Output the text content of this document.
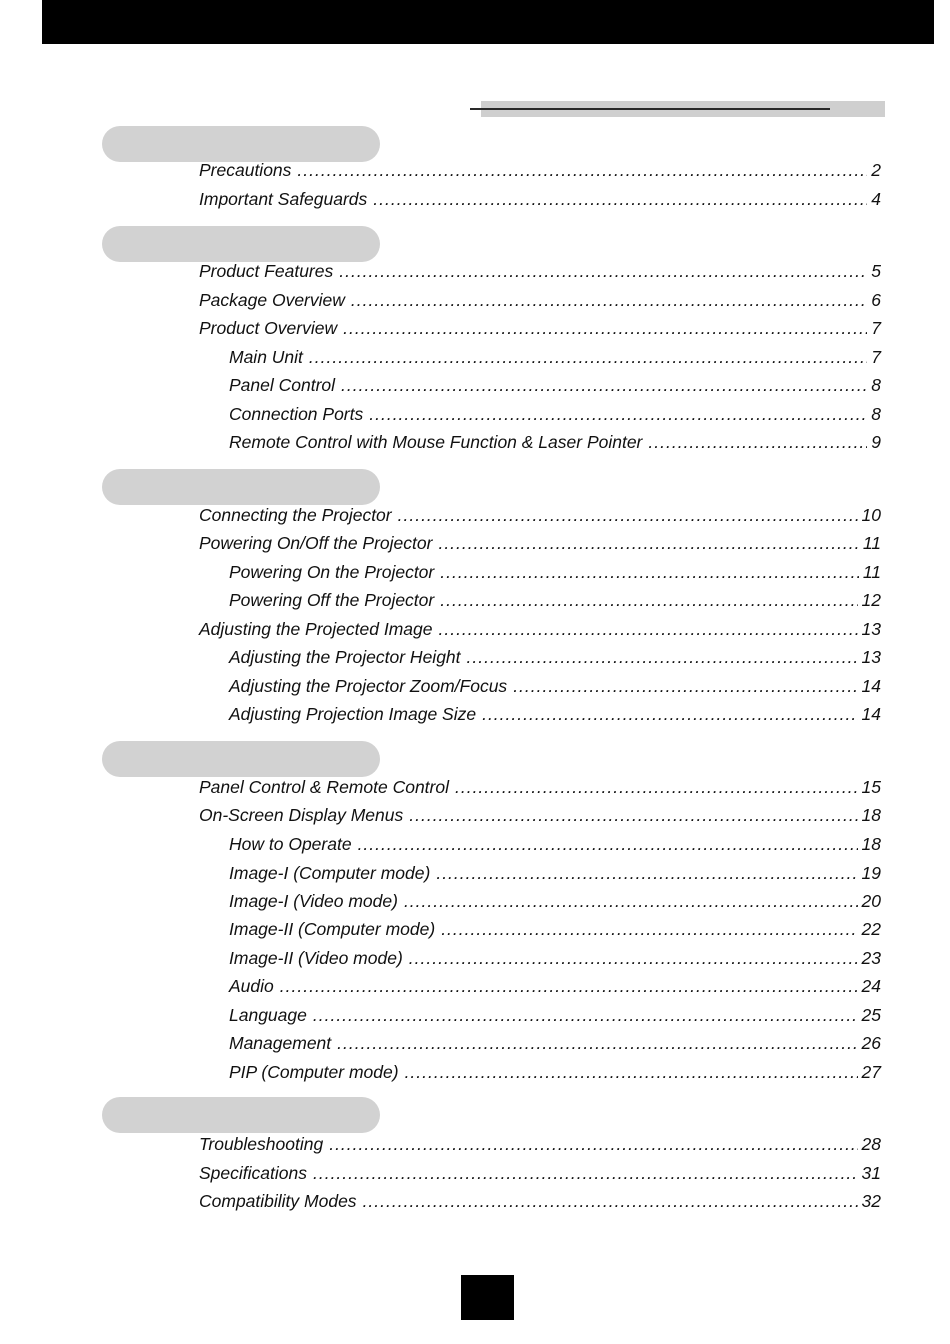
Precautions .....	2
Important Safeguards .....	4
Product Features .....	5
Package Overview .....	6
Product Overview .....	7
Main Unit .....	7
Panel Control .....	8
Connection Ports .....	8
Remote Control with Mouse Function & Laser Pointer .....	9
Connecting the Projector .....	10
Powering On/Off the Projector .....	11
Powering On the Projector .....	11
Powering Off the Projector .....	12
Adjusting the Projected Image .....	13
Adjusting the Projector Height .....	13
Adjusting the Projector Zoom/Focus .....	14
Adjusting Projection Image Size .....	14
Panel Control & Remote Control .....	15
On-Screen Display Menus .....	18
How to Operate .....	18
Image-I (Computer mode) .....	19
Image-I (Video mode) .....	20
Image-II (Computer mode) .....	22
Image-II (Video mode) .....	23
Audio .....	24
Language .....	25
Management .....	26
PIP (Computer mode) .....	27
Troubleshooting .....	28
Specifications .....	31
Compatibility Modes .....	32
